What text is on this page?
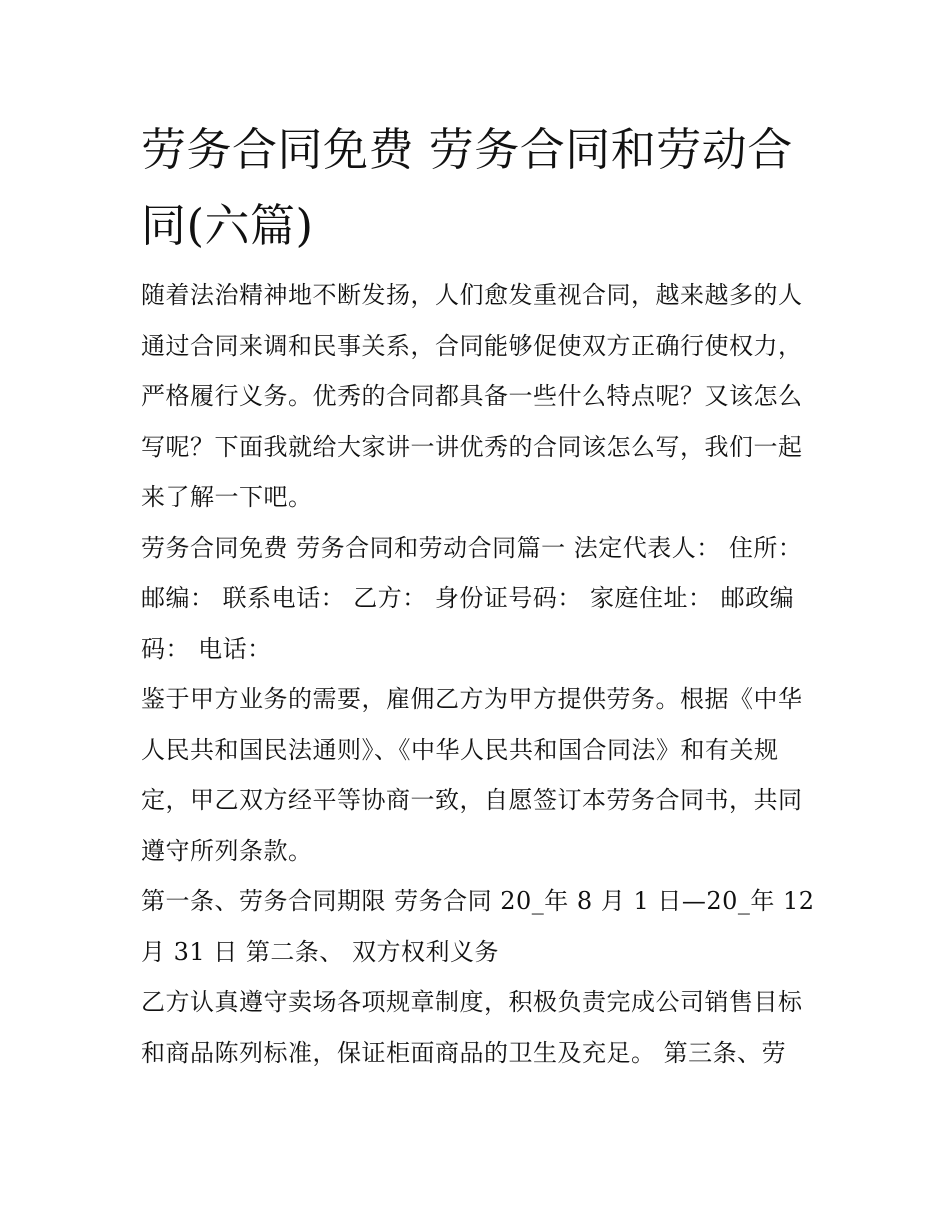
劳务合同免费 劳务合同和劳动合同(六篇)

随着法治精神地不断发扬，人们愈发重视合同，越来越多的人通过合同来调和民事关系，合同能够促使双方正确行使权力，严格履行义务。优秀的合同都具备一些什么特点呢？又该怎么写呢？下面我就给大家讲一讲优秀的合同该怎么写，我们一起来了解一下吧。

劳务合同免费 劳务合同和劳动合同篇一 法定代表人： 住所： 邮编： 联系电话： 乙方： 身份证号码： 家庭住址： 邮政编码： 电话：

鉴于甲方业务的需要，雇佣乙方为甲方提供劳务。根据《中华人民共和国民法通则》、《中华人民共和国合同法》和有关规定，甲乙双方经平等协商一致，自愿签订本劳务合同书，共同遵守所列条款。

第一条、劳务合同期限 劳务合同 20_年 8 月 1 日—20_年 12 月 31 日 第二条、 双方权利义务

乙方认真遵守卖场各项规章制度，积极负责完成公司销售目标和商品陈列标准，保证柜面商品的卫生及充足。 第三条、劳
